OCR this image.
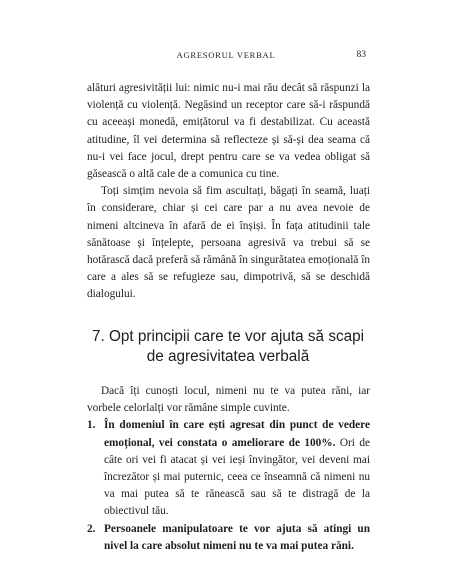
AGRESORUL VERBAL	83

alături agresivității lui: nimic nu-i mai rău decât să răspunzi la violență cu violență. Negăsind un receptor care să-i răspundă cu aceeași monedă, emițătorul va fi destabilizat. Cu această atitudine, îl vei determina să reflecteze și să-și dea seama că nu-i vei face jocul, drept pentru care se va vedea obligat să găsească o altă cale de a comunica cu tine.

Toți simțim nevoia să fim ascultați, băgați în seamă, luați în considerare, chiar și cei care par a nu avea nevoie de nimeni altcineva în afară de ei înșiși. În fața atitudinii tale sănătoase și înțelepte, persoana agresivă va trebui să se hotărască dacă preferă să rămână în singurătatea emoțională în care a ales să se refugieze sau, dimpotrivă, să se deschidă dialogului.

7. Opt principii care te vor ajuta să scapi
de agresivitatea verbală

Dacă îți cunoști locul, nimeni nu te va putea răni, iar vorbele celorlalți vor rămâne simple cuvinte.

1. În domeniul în care ești agresat din punct de vedere emoțional, vei constata o ameliorare de 100%. Ori de câte ori vei fi atacat și vei ieși învingător, vei deveni mai încrezător și mai puternic, ceea ce înseamnă că nimeni nu va mai putea să te rănească sau să te distragă de la obiectivul tău.
2. Persoanele manipulatoare te vor ajuta să atingi un nivel la care absolut nimeni nu te va mai putea răni.
